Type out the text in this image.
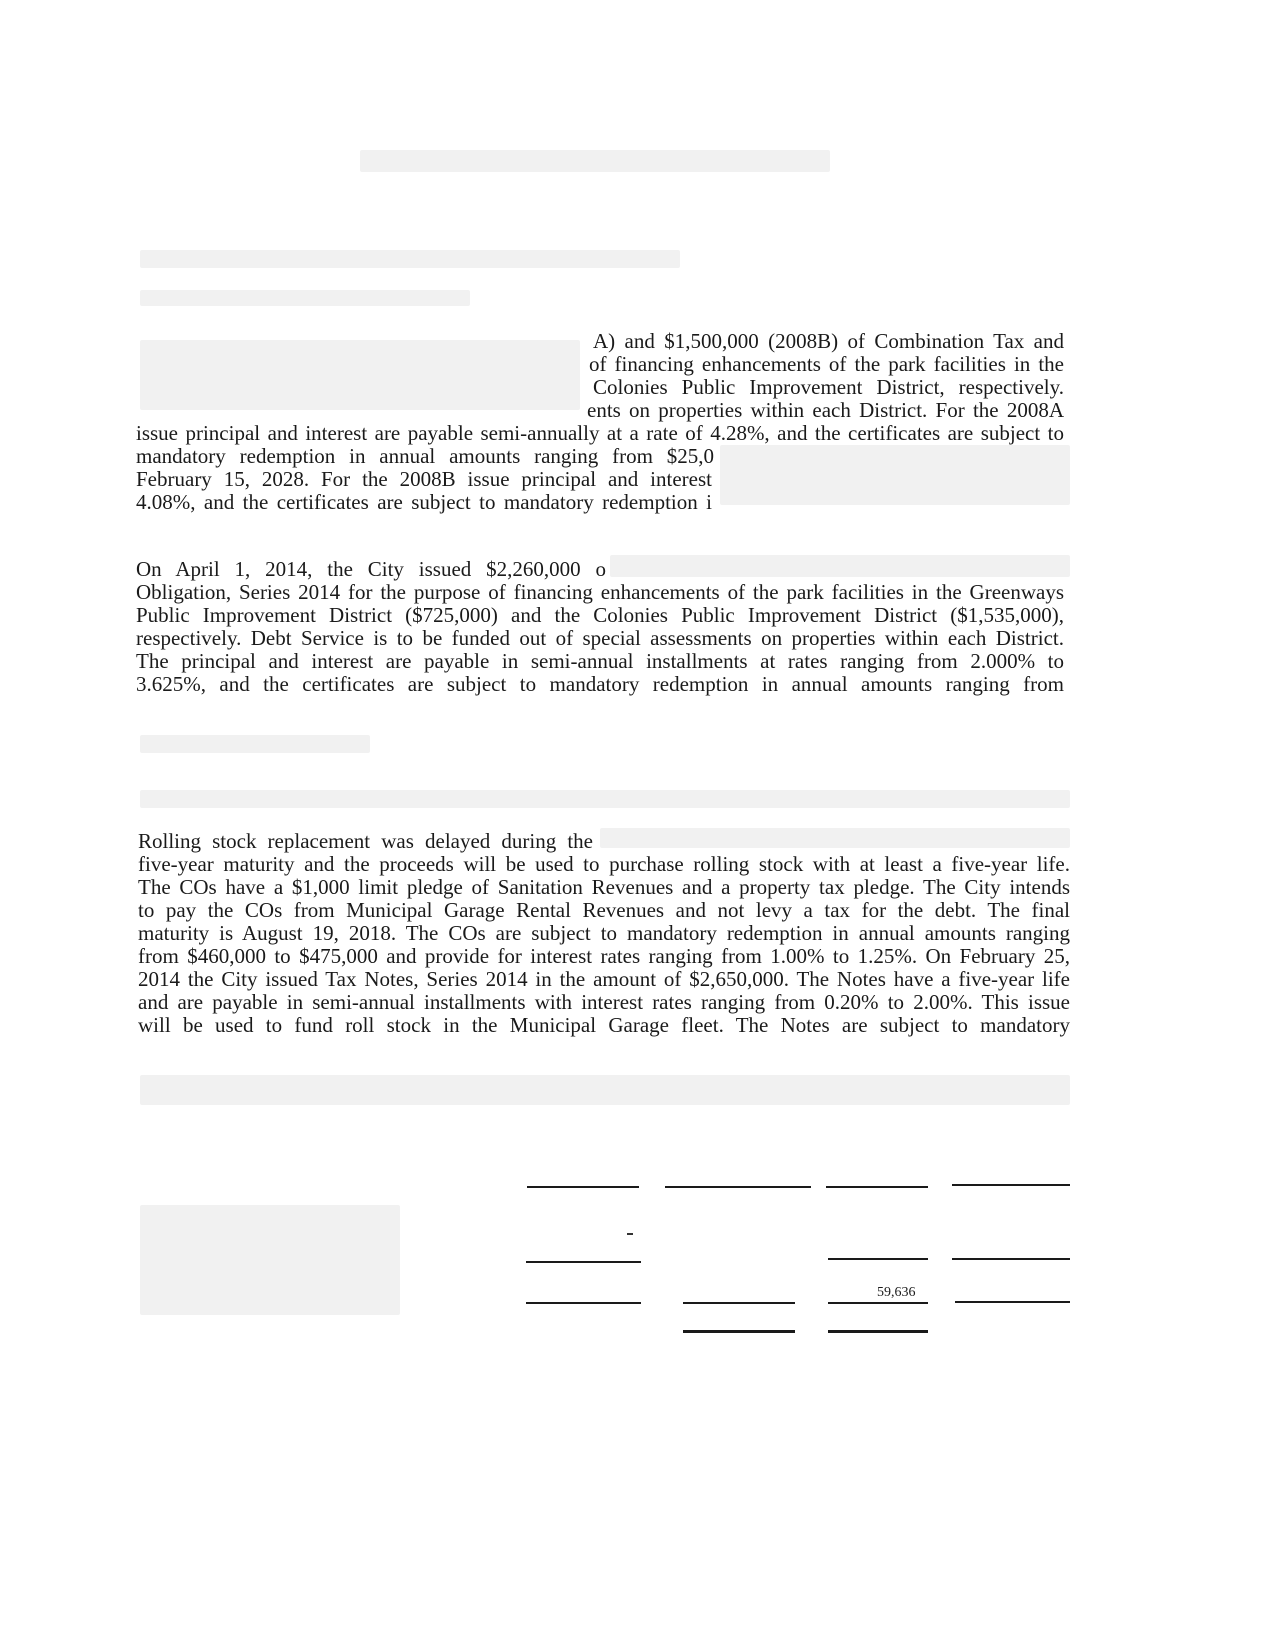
A) and $1,500,000 (2008B) of Combination Tax and
of financing enhancements of the park facilities in the
Colonies Public Improvement District, respectively.
ents on properties within each District. For the 2008A
issue principal and interest are payable semi-annually at a rate of 4.28%, and the certificates are subject to
mandatory redemption in annual amounts ranging from $25,0
February 15, 2028. For the 2008B issue principal and interest
4.08%, and the certificates are subject to mandatory redemption i
On April 1, 2014, the City issued $2,260,000 o
Obligation, Series 2014 for the purpose of financing enhancements of the park facilities in the Greenways
Public Improvement District ($725,000) and the Colonies Public Improvement District ($1,535,000),
respectively. Debt Service is to be funded out of special assessments on properties within each District.
The principal and interest are payable in semi-annual installments at rates ranging from 2.000% to
3.625%, and the certificates are subject to mandatory redemption in annual amounts ranging from
Rolling stock replacement was delayed during the
five-year maturity and the proceeds will be used to purchase rolling stock with at least a five-year life.
The COs have a $1,000 limit pledge of Sanitation Revenues and a property tax pledge. The City intends
to pay the COs from Municipal Garage Rental Revenues and not levy a tax for the debt. The final
maturity is August 19, 2018. The COs are subject to mandatory redemption in annual amounts ranging
from $460,000 to $475,000 and provide for interest rates ranging from 1.00% to 1.25%. On February 25,
2014 the City issued Tax Notes, Series 2014 in the amount of $2,650,000. The Notes have a five-year life
and are payable in semi-annual installments with interest rates ranging from 0.20% to 2.00%. This issue
will be used to fund roll stock in the Municipal Garage fleet. The Notes are subject to mandatory
59,636
